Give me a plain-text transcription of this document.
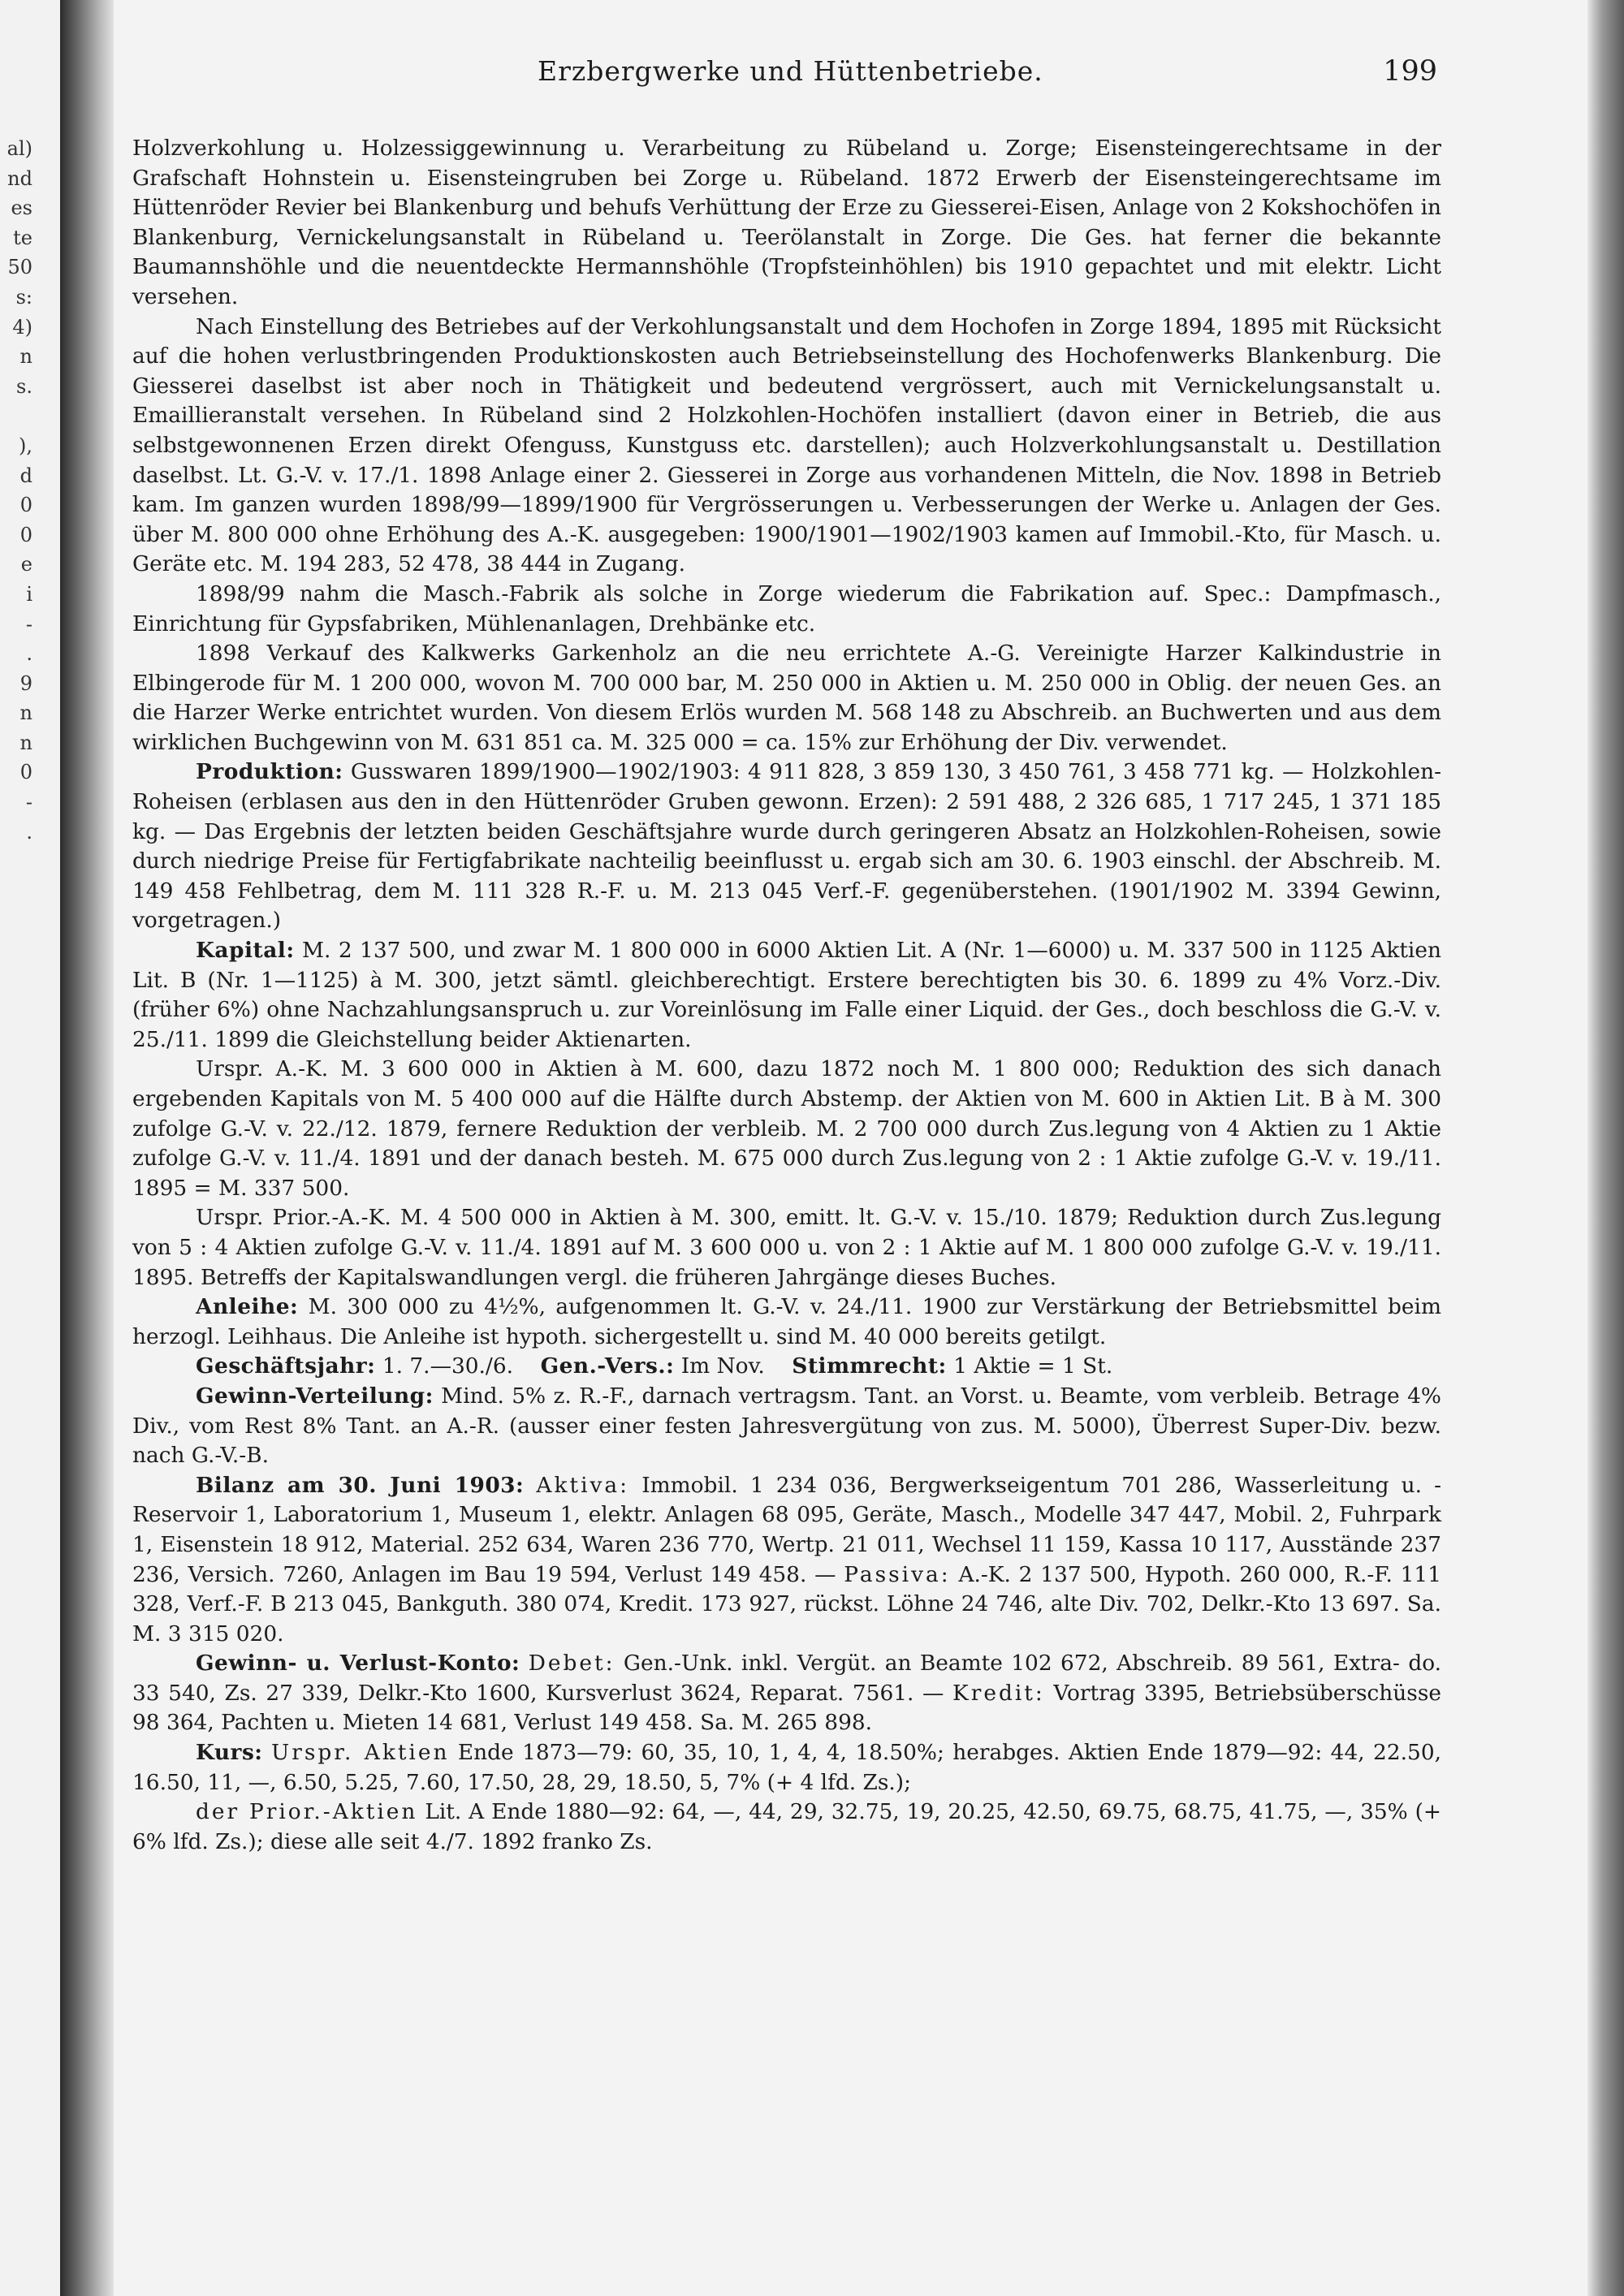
al)
nd
es
te
50
s:
4)
n
s.
),
d
0
0
e
i
-
.
9
n
n
0
-
.
Erzbergwerke und Hüttenbetriebe.	199

Holzverkohlung u. Holzessiggewinnung u. Verarbeitung zu Rübeland u. Zorge; Eisensteingerechtsame in der Grafschaft Hohnstein u. Eisensteingruben bei Zorge u. Rübeland. 1872 Erwerb der Eisensteingerechtsame im Hüttenröder Revier bei Blankenburg und behufs Verhüttung der Erze zu Giesserei-Eisen, Anlage von 2 Kokshochöfen in Blankenburg, Vernickelungsanstalt in Rübeland u. Teerölanstalt in Zorge. Die Ges. hat ferner die bekannte Baumannshöhle und die neuentdeckte Hermannshöhle (Tropfsteinhöhlen) bis 1910 gepachtet und mit elektr. Licht versehen.

Nach Einstellung des Betriebes auf der Verkohlungsanstalt und dem Hochofen in Zorge 1894, 1895 mit Rücksicht auf die hohen verlustbringenden Produktionskosten auch Betriebseinstellung des Hochofenwerks Blankenburg. Die Giesserei daselbst ist aber noch in Thätigkeit und bedeutend vergrössert, auch mit Vernickelungsanstalt u. Emaillieranstalt versehen. In Rübeland sind 2 Holzkohlen-Hochöfen installiert (davon einer in Betrieb, die aus selbstgewonnenen Erzen direkt Ofenguss, Kunstguss etc. darstellen); auch Holzverkohlungsanstalt u. Destillation daselbst. Lt. G.-V. v. 17./1. 1898 Anlage einer 2. Giesserei in Zorge aus vorhandenen Mitteln, die Nov. 1898 in Betrieb kam. Im ganzen wurden 1898/99—1899/1900 für Vergrösserungen u. Verbesserungen der Werke u. Anlagen der Ges. über M. 800 000 ohne Erhöhung des A.-K. ausgegeben: 1900/1901—1902/1903 kamen auf Immobil.-Kto, für Masch. u. Geräte etc. M. 194 283, 52 478, 38 444 in Zugang.

1898/99 nahm die Masch.-Fabrik als solche in Zorge wiederum die Fabrikation auf. Spec.: Dampfmasch., Einrichtung für Gypsfabriken, Mühlenanlagen, Drehbänke etc.

1898 Verkauf des Kalkwerks Garkenholz an die neu errichtete A.-G. Vereinigte Harzer Kalkindustrie in Elbingerode für M. 1 200 000, wovon M. 700 000 bar, M. 250 000 in Aktien u. M. 250 000 in Oblig. der neuen Ges. an die Harzer Werke entrichtet wurden. Von diesem Erlös wurden M. 568 148 zu Abschreib. an Buchwerten und aus dem wirklichen Buchgewinn von M. 631 851 ca. M. 325 000 = ca. 15% zur Erhöhung der Div. verwendet.

Produktion: Gusswaren 1899/1900—1902/1903: 4 911 828, 3 859 130, 3 450 761, 3 458 771 kg. — Holzkohlen-Roheisen (erblasen aus den in den Hüttenröder Gruben gewonn. Erzen): 2 591 488, 2 326 685, 1 717 245, 1 371 185 kg. — Das Ergebnis der letzten beiden Geschäftsjahre wurde durch geringeren Absatz an Holzkohlen-Roheisen, sowie durch niedrige Preise für Fertigfabrikate nachteilig beeinflusst u. ergab sich am 30. 6. 1903 einschl. der Abschreib. M. 149 458 Fehlbetrag, dem M. 111 328 R.-F. u. M. 213 045 Verf.-F. gegenüberstehen. (1901/1902 M. 3394 Gewinn, vorgetragen.)

Kapital: M. 2 137 500, und zwar M. 1 800 000 in 6000 Aktien Lit. A (Nr. 1—6000) u. M. 337 500 in 1125 Aktien Lit. B (Nr. 1—1125) à M. 300, jetzt sämtl. gleichberechtigt. Erstere berechtigten bis 30. 6. 1899 zu 4% Vorz.-Div. (früher 6%) ohne Nachzahlungsanspruch u. zur Voreinlösung im Falle einer Liquid. der Ges., doch beschloss die G.-V. v. 25./11. 1899 die Gleichstellung beider Aktienarten.

Urspr. A.-K. M. 3 600 000 in Aktien à M. 600, dazu 1872 noch M. 1 800 000; Reduktion des sich danach ergebenden Kapitals von M. 5 400 000 auf die Hälfte durch Abstemp. der Aktien von M. 600 in Aktien Lit. B à M. 300 zufolge G.-V. v. 22./12. 1879, fernere Reduktion der verbleib. M. 2 700 000 durch Zus.legung von 4 Aktien zu 1 Aktie zufolge G.-V. v. 11./4. 1891 und der danach besteh. M. 675 000 durch Zus.legung von 2 : 1 Aktie zufolge G.-V. v. 19./11. 1895 = M. 337 500.

Urspr. Prior.-A.-K. M. 4 500 000 in Aktien à M. 300, emitt. lt. G.-V. v. 15./10. 1879; Reduktion durch Zus.legung von 5 : 4 Aktien zufolge G.-V. v. 11./4. 1891 auf M. 3 600 000 u. von 2 : 1 Aktie auf M. 1 800 000 zufolge G.-V. v. 19./11. 1895. Betreffs der Kapitalswandlungen vergl. die früheren Jahrgänge dieses Buches.

Anleihe: M. 300 000 zu 4½%, aufgenommen lt. G.-V. v. 24./11. 1900 zur Verstärkung der Betriebsmittel beim herzogl. Leihhaus. Die Anleihe ist hypoth. sichergestellt u. sind M. 40 000 bereits getilgt.

Geschäftsjahr: 1. 7.—30./6. Gen.-Vers.: Im Nov. Stimmrecht: 1 Aktie = 1 St.

Gewinn-Verteilung: Mind. 5% z. R.-F., darnach vertragsm. Tant. an Vorst. u. Beamte, vom verbleib. Betrage 4% Div., vom Rest 8% Tant. an A.-R. (ausser einer festen Jahresvergütung von zus. M. 5000), Überrest Super-Div. bezw. nach G.-V.-B.

Bilanz am 30. Juni 1903: Aktiva: Immobil. 1 234 036, Bergwerkseigentum 701 286, Wasserleitung u. -Reservoir 1, Laboratorium 1, Museum 1, elektr. Anlagen 68 095, Geräte, Masch., Modelle 347 447, Mobil. 2, Fuhrpark 1, Eisenstein 18 912, Material. 252 634, Waren 236 770, Wertp. 21 011, Wechsel 11 159, Kassa 10 117, Ausstände 237 236, Versich. 7260, Anlagen im Bau 19 594, Verlust 149 458. — Passiva: A.-K. 2 137 500, Hypoth. 260 000, R.-F. 111 328, Verf.-F. B 213 045, Bankguth. 380 074, Kredit. 173 927, rückst. Löhne 24 746, alte Div. 702, Delkr.-Kto 13 697. Sa. M. 3 315 020.

Gewinn- u. Verlust-Konto: Debet: Gen.-Unk. inkl. Vergüt. an Beamte 102 672, Abschreib. 89 561, Extra- do. 33 540, Zs. 27 339, Delkr.-Kto 1600, Kursverlust 3624, Reparat. 7561. — Kredit: Vortrag 3395, Betriebsüberschüsse 98 364, Pachten u. Mieten 14 681, Verlust 149 458. Sa. M. 265 898.

Kurs: Urspr. Aktien Ende 1873—79: 60, 35, 10, 1, 4, 4, 18.50%; herabges. Aktien Ende 1879—92: 44, 22.50, 16.50, 11, —, 6.50, 5.25, 7.60, 17.50, 28, 29, 18.50, 5, 7% (+ 4 lfd. Zs.);

der Prior.-Aktien Lit. A Ende 1880—92: 64, —, 44, 29, 32.75, 19, 20.25, 42.50, 69.75, 68.75, 41.75, —, 35% (+ 6% lfd. Zs.); diese alle seit 4./7. 1892 franko Zs.
